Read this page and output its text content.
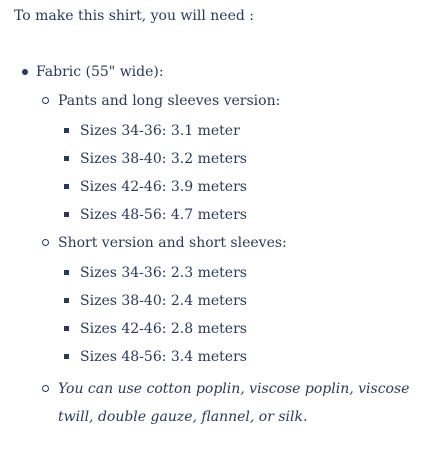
To make this shirt, you will need :

Fabric (55" wide):
Pants and long sleeves version:
Sizes 34-36: 3.1 meter
Sizes 38-40: 3.2 meters
Sizes 42-46: 3.9 meters
Sizes 48-56: 4.7 meters
Short version and short sleeves:
Sizes 34-36: 2.3 meters
Sizes 38-40: 2.4 meters
Sizes 42-46: 2.8 meters
Sizes 48-56: 3.4 meters
You can use cotton poplin, viscose poplin, viscose
twill, double gauze, flannel, or silk.
